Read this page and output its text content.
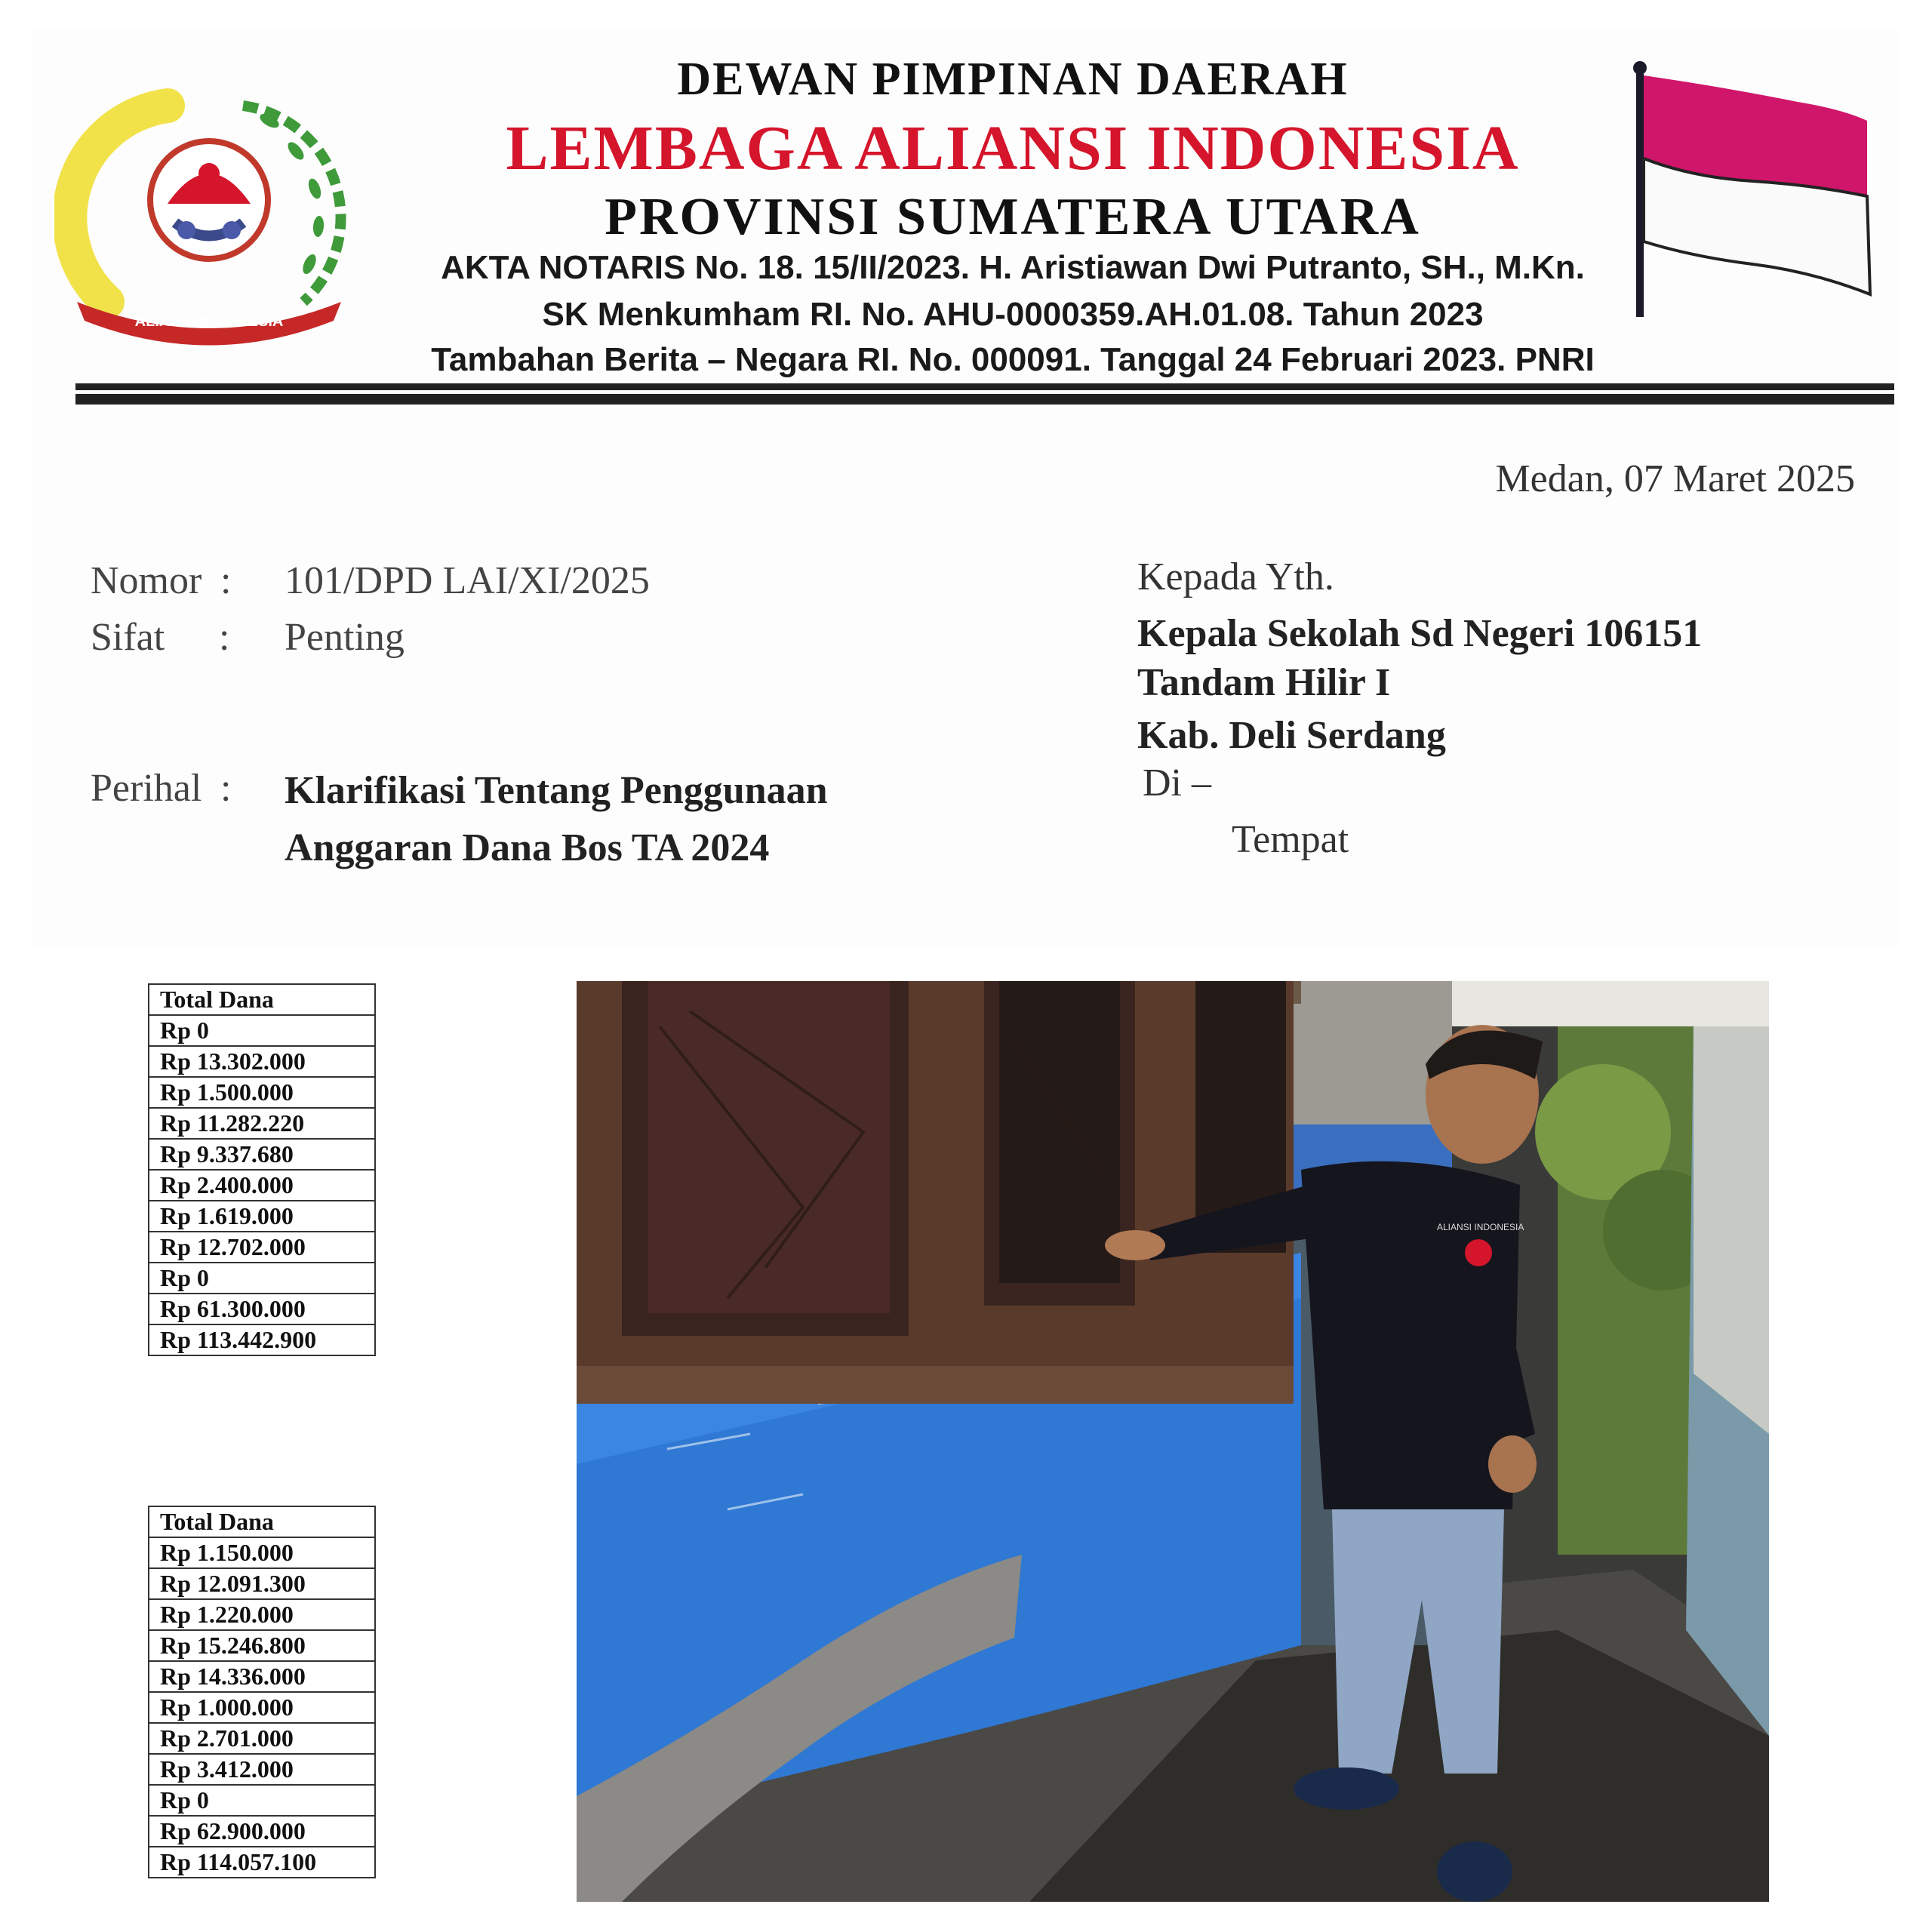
ALIANSI INDONESIA
DEWAN PIMPINAN DAERAH
LEMBAGA ALIANSI INDONESIA
PROVINSI SUMATERA UTARA
AKTA NOTARIS No. 18. 15/II/2023. H. Aristiawan Dwi Putranto, SH., M.Kn.
SK Menkumham RI. No. AHU-0000359.AH.01.08. Tahun 2023
Tambahan Berita – Negara RI. No. 000091. Tanggal 24 Februari 2023. PNRI
Medan, 07 Maret 2025
Nomor : 101/DPD LAI/XI/2025
Sifat : Penting
Perihal : Klarifikasi Tentang Penggunaan
Anggaran Dana Bos TA 2024
Kepada Yth.
Kepala Sekolah Sd Negeri 106151
Tandam Hilir I
Kab. Deli Serdang
Di –
Tempat
Total Dana
Rp 0
Rp 13.302.000
Rp 1.500.000
Rp 11.282.220
Rp 9.337.680
Rp 2.400.000
Rp 1.619.000
Rp 12.702.000
Rp 0
Rp 61.300.000
Rp 113.442.900
Total Dana
Rp 1.150.000
Rp 12.091.300
Rp 1.220.000
Rp 15.246.800
Rp 14.336.000
Rp 1.000.000
Rp 2.701.000
Rp 3.412.000
Rp 0
Rp 62.900.000
Rp 114.057.100
ALIANSI INDONESIA
